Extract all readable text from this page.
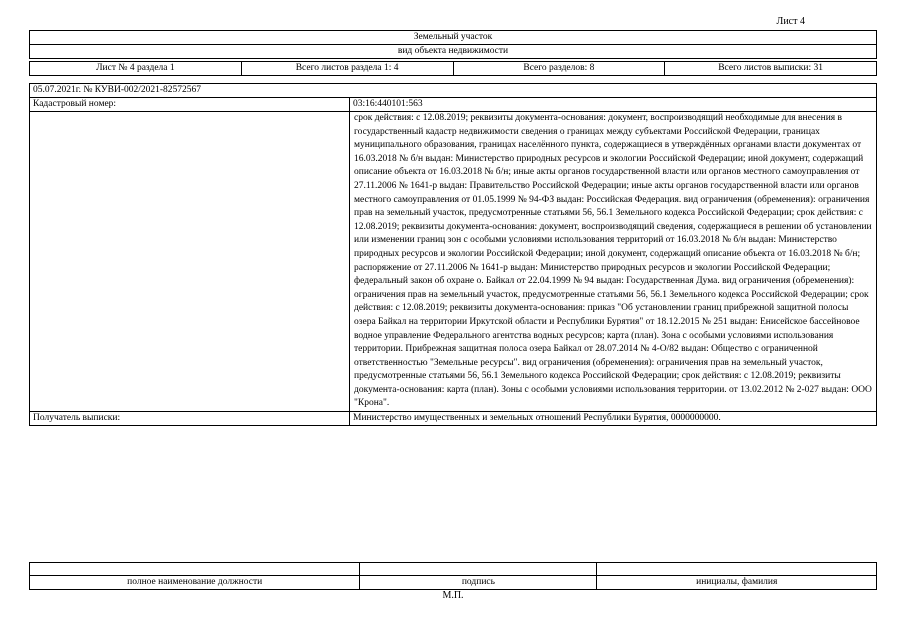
Лист 4
Земельный участок
вид объекта недвижимости
Лист № 4 раздела 1	Всего листов раздела 1: 4	Всего разделов: 8	Всего листов выписки: 31
05.07.2021г. № КУВИ-002/2021-82572567	
Кадастровый номер:	03:16:440101:563
	срок действия: с 12.08.2019; реквизиты документа-основания: документ, воспроизводящий необходимые для внесения в государственный кадастр недвижимости сведения о границах между субъектами Российской Федерации, границах муниципального образования, границах населённого пункта, содержащиеся в утверждённых органами власти документах от 16.03.2018 № б/н выдан: Министерство природных ресурсов и экологии Российской Федерации; иной документ, содержащий описание объекта от 16.03.2018 № б/н; иные акты органов государственной власти или органов местного самоуправления от 27.11.2006 № 1641-р выдан: Правительство Российской Федерации; иные акты органов государственной власти или органов местного самоуправления от 01.05.1999 № 94-ФЗ выдан: Российская Федерация. вид ограничения (обременения): ограничения прав на земельный участок, предусмотренные статьями 56, 56.1 Земельного кодекса Российской Федерации; срок действия: с 12.08.2019; реквизиты документа-основания: документ, воспроизводящий сведения, содержащиеся в решении об установлении или изменении границ зон с особыми условиями использования территорий от 16.03.2018 № б/н выдан: Министерство природных ресурсов и экологии Российской Федерации; иной документ, содержащий описание объекта от 16.03.2018 № б/н; распоряжение от 27.11.2006 № 1641-р выдан: Министерство природных ресурсов и экологии Российской Федерации; федеральный закон об охране о. Байкал от 22.04.1999 № 94 выдан: Государственная Дума. вид ограничения (обременения): ограничения прав на земельный участок, предусмотренные статьями 56, 56.1 Земельного кодекса Российской Федерации; срок действия: с 12.08.2019; реквизиты документа-основания: приказ "Об установлении границ прибрежной защитной полосы озера Байкал на территории Иркутской области и Республики Бурятия" от 18.12.2015 № 251 выдан: Енисейское бассейновое водное управление Федерального агентства водных ресурсов; карта (план). Зона с особыми условиями использования территории. Прибрежная защитная полоса озера Байкал от 28.07.2014 № 4-О/82 выдан: Общество с ограниченной ответственностью "Земельные ресурсы". вид ограничения (обременения): ограничения прав на земельный участок, предусмотренные статьями 56, 56.1 Земельного кодекса Российской Федерации; срок действия: с 12.08.2019; реквизиты документа-основания: карта (план). Зоны с особыми условиями использования территории. от 13.02.2012 № 2-027 выдан: ООО "Крона".
Получатель выписки:	Министерство имущественных и земельных отношений Республики Бурятия, 0000000000.

полное наименование должности	подпись	инициалы, фамилия
М.П.
